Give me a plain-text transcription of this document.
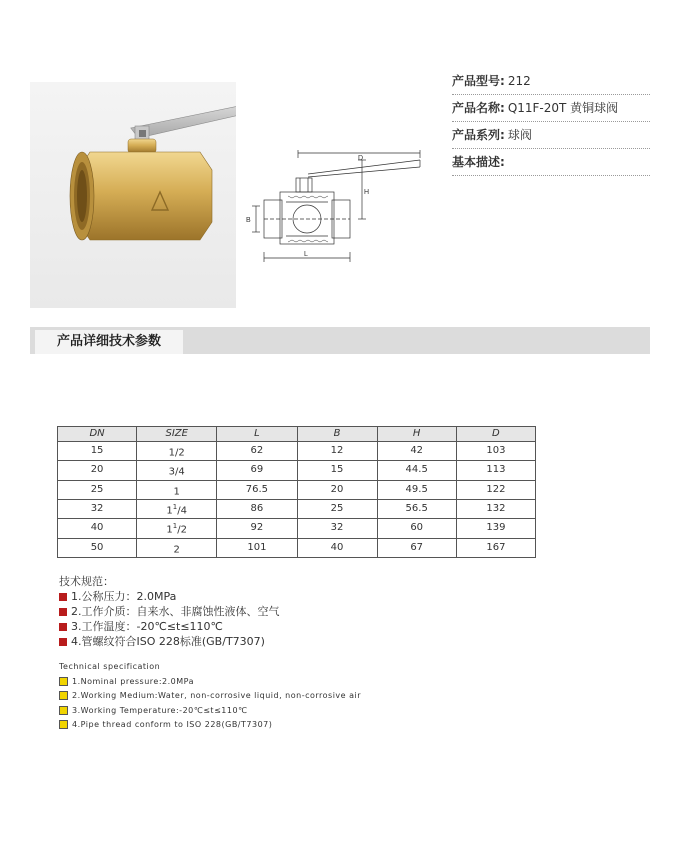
D
H
B
L
产品型号: 212
产品名称: Q11F-20T 黄铜球阀
产品系列: 球阀
基本描述:
产品详细技术参数
DN	SIZE	L	B	H	D
15	1/2	62	12	42	103
20	3/4	69	15	44.5	113
25	1	76.5	20	49.5	122
32	$1^1/4$	86	25	56.5	132
40	$1^1/2$	92	32	60	139
50	2	101	40	67	167
技术规范：
1.公称压力：2.0MPa
2.工作介质：自来水、非腐蚀性液体、空气
3.工作温度：-20℃≤t≤110℃
4.管螺纹符合ISO 228标准(GB/T7307)
Technical specification
1.Nominal pressure:2.0MPa
2.Working Medium:Water, non-corrosive liquid, non-corrosive air
3.Working Temperature:-20℃≤t≤110℃
4.Pipe thread conform to ISO 228(GB/T7307)
